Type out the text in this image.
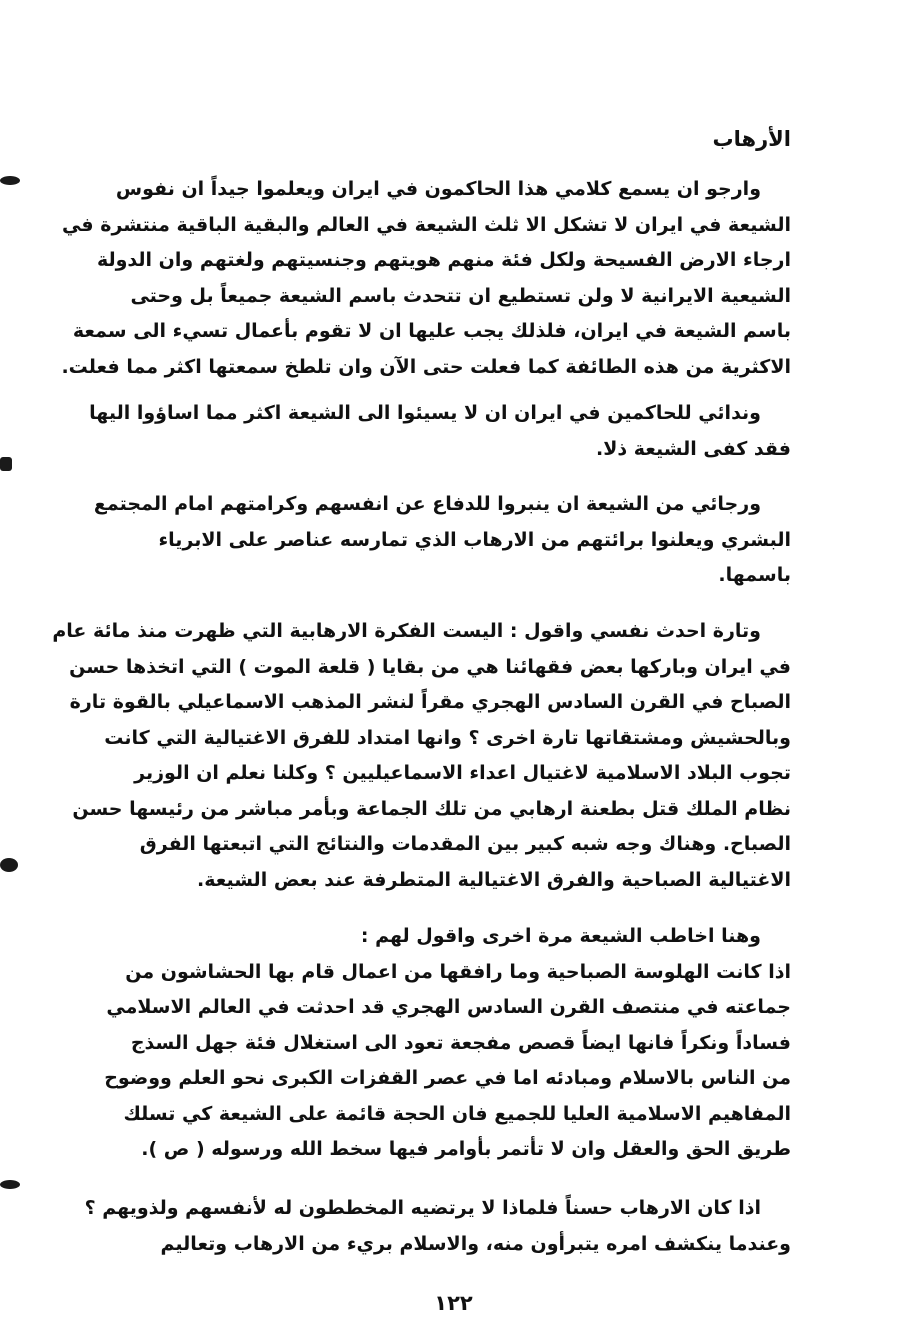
الأرهاب
وارجو ان يسمع كلامي هذا الحاكمون في ايران ويعلموا جيداً ان نفوس
الشيعة في ايران لا تشكل الا ثلث الشيعة في العالم والبقية الباقية منتشرة في
ارجاء الارض الفسيحة ولكل فئة منهم هويتهم وجنسيتهم ولغتهم وان الدولة
الشيعية الايرانية لا ولن تستطيع ان تتحدث باسم الشيعة جميعاً بل وحتى
باسم الشيعة في ايران، فلذلك يجب عليها ان لا تقوم بأعمال تسيء الى سمعة
الاكثرية من هذه الطائفة كما فعلت حتى الآن وان تلطخ سمعتها اكثر مما فعلت.
وندائي للحاكمين في ايران ان لا يسيئوا الى الشيعة اكثر مما اساؤوا اليها
فقد كفى الشيعة ذلا.
ورجائي من الشيعة ان ينبروا للدفاع عن انفسهم وكرامتهم امام المجتمع
البشري ويعلنوا برائتهم من الارهاب الذي تمارسه عناصر على الابرياء
باسمها.
وتارة احدث نفسي واقول : اليست الفكرة الارهابية التي ظهرت منذ مائة عام
في ايران وباركها بعض فقهائنا هي من بقايا ( قلعة الموت ) التي اتخذها حسن
الصباح في القرن السادس الهجري مقراً لنشر المذهب الاسماعيلي بالقوة تارة
وبالحشيش ومشتقاتها تارة اخرى ؟ وانها امتداد للفرق الاغتيالية التي كانت
تجوب البلاد الاسلامية لاغتيال اعداء الاسماعيليين ؟ وكلنا نعلم ان الوزير
نظام الملك قتل بطعنة ارهابي من تلك الجماعة وبأمر مباشر من رئيسها حسن
الصباح. وهناك وجه شبه كبير بين المقدمات والنتائج التي اتبعتها الفرق
الاغتيالية الصباحية والفرق الاغتيالية المتطرفة عند بعض الشيعة.
وهنا اخاطب الشيعة مرة اخرى واقول لهم :
اذا كانت الهلوسة الصباحية وما رافقها من اعمال قام بها الحشاشون من
جماعته في منتصف القرن السادس الهجري قد احدثت في العالم الاسلامي
فساداً ونكراً فانها ايضاً قصص مفجعة تعود الى استغلال فئة جهل السذج
من الناس بالاسلام ومبادئه اما في عصر القفزات الكبرى نحو العلم ووضوح
المفاهيم الاسلامية العليا للجميع فان الحجة قائمة على الشيعة كي تسلك
طريق الحق والعقل وان لا تأتمر بأوامر فيها سخط الله ورسوله ( ص ).
اذا كان الارهاب حسناً فلماذا لا يرتضيه المخططون له لأنفسهم ولذويهم ؟
وعندما ينكشف امره يتبرأون منه، والاسلام بريء من الارهاب وتعاليم
١٢٢
